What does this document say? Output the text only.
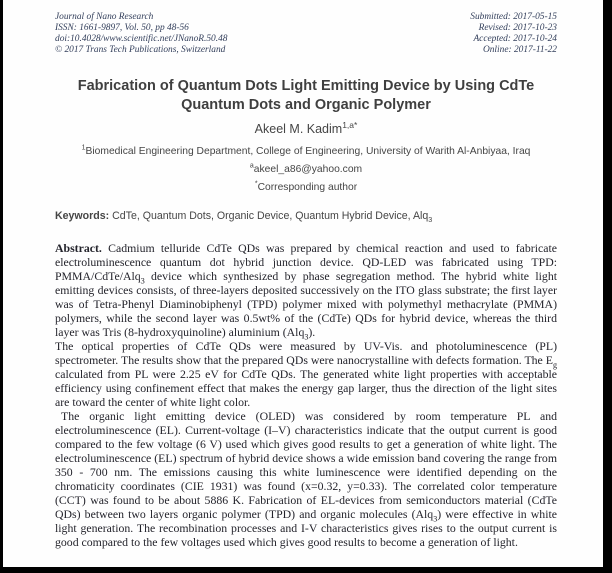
Journal of Nano Research
ISSN: 1661-9897, Vol. 50, pp 48-56
doi:10.4028/www.scientific.net/JNanoR.50.48
© 2017 Trans Tech Publications, Switzerland
Submitted: 2017-05-15
Revised: 2017-10-23
Accepted: 2017-10-24
Online: 2017-11-22
Fabrication of Quantum Dots Light Emitting Device by Using CdTe Quantum Dots and Organic Polymer
Akeel M. Kadim$^{1,a*}$
$^1$Biomedical Engineering Department, College of Engineering, University of Warith Al-Anbiyaa, Iraq
$^a$akeel_a86@yahoo.com
*Corresponding author
Keywords: CdTe, Quantum Dots, Organic Device, Quantum Hybrid Device, Alq$_3$

Abstract. Cadmium telluride CdTe QDs was prepared by chemical reaction and used to fabricate electroluminescence quantum dot hybrid junction device. QD-LED was fabricated using TPD: PMMA/CdTe/Alq$_3$ device which synthesized by phase segregation method. The hybrid white light emitting devices consists, of three-layers deposited successively on the ITO glass substrate; the first layer was of Tetra-Phenyl Diaminobiphenyl (TPD) polymer mixed with polymethyl methacrylate (PMMA) polymers, while the second layer was 0.5wt% of the (CdTe) QDs for hybrid device, whereas the third layer was Tris (8-hydroxyquinoline) aluminium (Alq$_3$).

The optical properties of CdTe QDs were measured by UV-Vis. and photoluminescence (PL) spectrometer. The results show that the prepared QDs were nanocrystalline with defects formation. The $E_g$ calculated from PL were 2.25 eV for CdTe QDs. The generated white light properties with acceptable efficiency using confinement effect that makes the energy gap larger, thus the direction of the light sites are toward the center of white light color.

The organic light emitting device (OLED) was considered by room temperature PL and electroluminescence (EL). Current-voltage (I–V) characteristics indicate that the output current is good compared to the few voltage (6 V) used which gives good results to get a generation of white light. The electroluminescence (EL) spectrum of hybrid device shows a wide emission band covering the range from 350 - 700 nm. The emissions causing this white luminescence were identified depending on the chromaticity coordinates (CIE 1931) was found (x=0.32, y=0.33). The correlated color temperature (CCT) was found to be about 5886 K. Fabrication of EL-devices from semiconductors material (CdTe QDs) between two layers organic polymer (TPD) and organic molecules (Alq$_3$) were effective in white light generation. The recombination processes and I-V characteristics gives rises to the output current is good compared to the few voltages used which gives good results to become a generation of light.
